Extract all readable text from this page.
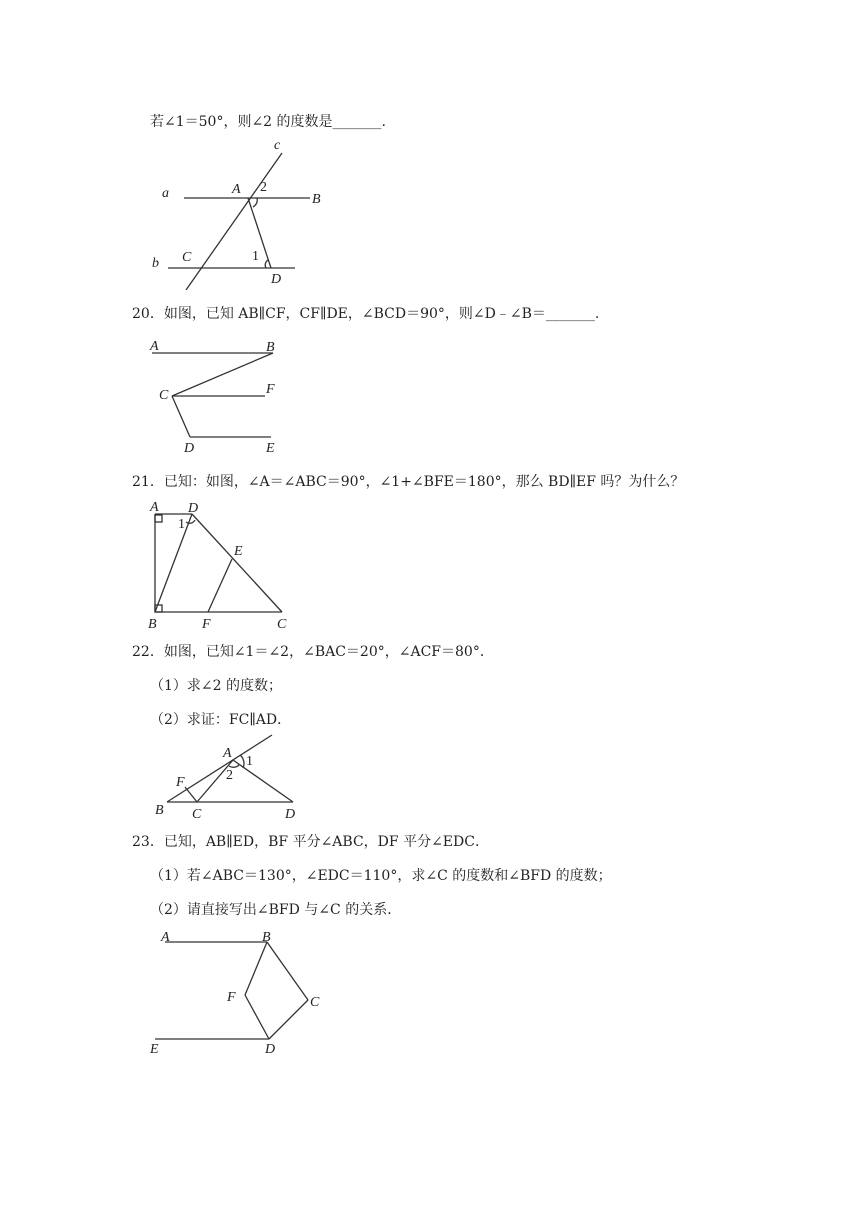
若∠1＝50°，则∠2 的度数是_______.
c
a	A 2
B
b C	1
D
20．如图，已知 AB∥CF，CF∥DE，∠BCD＝90°，则∠D﹣∠B＝_______.
A	B
C	F
D	E
21．已知：如图，∠A＝∠ABC＝90°，∠1+∠BFE＝180°，那么 BD∥EF 吗？为什么？
A D
1
E
B	F	C
22．如图，已知∠1＝∠2，∠BAC＝20°，∠ACF＝80°．
（1）求∠2 的度数；
（2）求证：FC∥AD．
A
1
2
F
B C	D
23．已知，AB∥ED，BF 平分∠ABC，DF 平分∠EDC．
（1）若∠ABC＝130°，∠EDC＝110°，求∠C 的度数和∠BFD 的度数；
（2）请直接写出∠BFD 与∠C 的关系．
A	B
F	C
E	D
